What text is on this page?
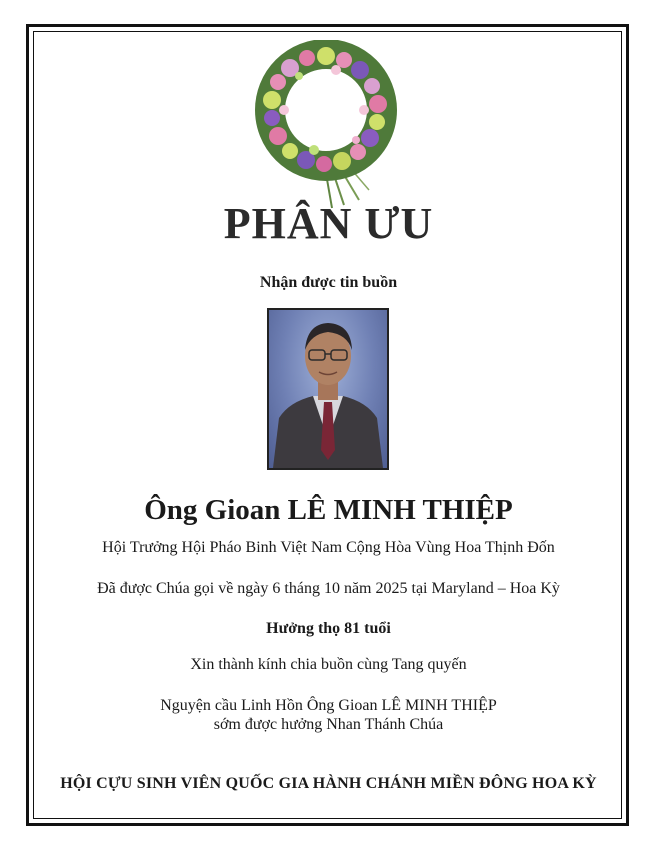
PHÂN ƯU
Nhận được tin buồn
Ông Gioan LÊ MINH THIỆP
Hội Trưởng Hội Pháo Binh Việt Nam Cộng Hòa Vùng Hoa Thịnh Đốn
Đã được Chúa gọi về ngày 6 tháng 10 năm 2025 tại Maryland – Hoa Kỳ
Hưởng thọ 81 tuổi
Xin thành kính chia buồn cùng Tang quyến
Nguyện cầu Linh Hồn Ông Gioan LÊ MINH THIỆP
sớm được hưởng Nhan Thánh Chúa
HỘI CỰU SINH VIÊN QUỐC GIA HÀNH CHÁNH MIỀN ĐÔNG HOA KỲ
